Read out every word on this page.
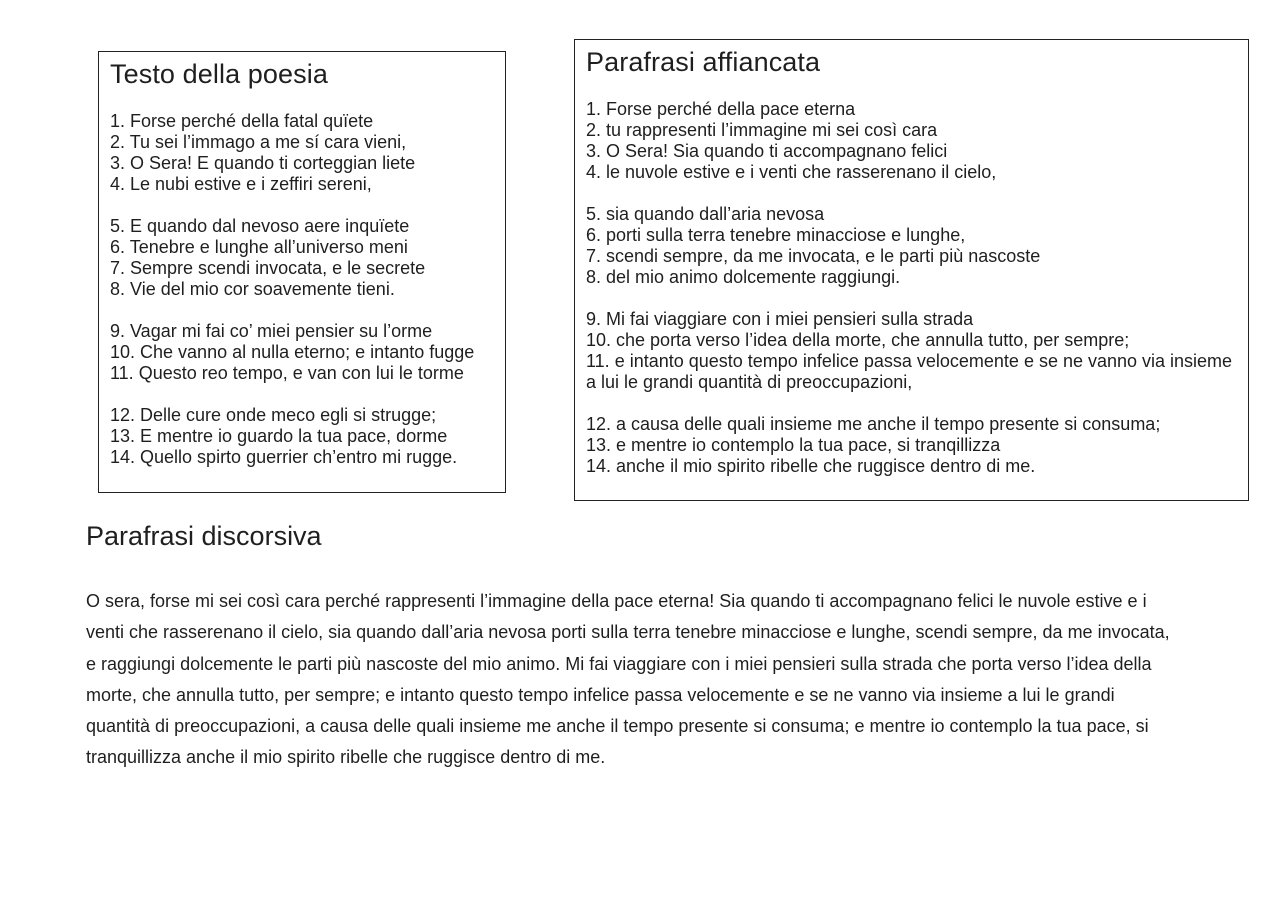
Testo della poesia
1. Forse perché della fatal quïete
2. Tu sei l’immago a me sí cara vieni,
3. O Sera! E quando ti corteggian liete
4. Le nubi estive e i zeffiri sereni,
5. E quando dal nevoso aere inquïete
6. Tenebre e lunghe all’universo meni
7. Sempre scendi invocata, e le secrete
8. Vie del mio cor soavemente tieni.
9. Vagar mi fai co’ miei pensier su l’orme
10. Che vanno al nulla eterno; e intanto fugge
11. Questo reo tempo, e van con lui le torme
12. Delle cure onde meco egli si strugge;
13. E mentre io guardo la tua pace, dorme
14. Quello spirto guerrier ch’entro mi rugge.
Parafrasi affiancata
1. Forse perché della pace eterna
2. tu rappresenti l’immagine mi sei così cara
3. O Sera! Sia quando ti accompagnano felici
4. le nuvole estive e i venti che rasserenano il cielo,
5. sia quando dall’aria nevosa
6. porti sulla terra tenebre minacciose e lunghe,
7. scendi sempre, da me invocata, e le parti più nascoste
8. del mio animo dolcemente raggiungi.
9. Mi fai viaggiare con i miei pensieri sulla strada
10. che porta verso l’idea della morte, che annulla tutto, per sempre;
11. e intanto questo tempo infelice passa velocemente e se ne vanno via insieme a lui le grandi quantità di preoccupazioni,
12. a causa delle quali insieme me anche il tempo presente si consuma;
13. e mentre io contemplo la tua pace, si tranqillizza
14. anche il mio spirito ribelle che ruggisce dentro di me.
Parafrasi discorsiva

O sera, forse mi sei così cara perché rappresenti l’immagine della pace eterna! Sia quando ti accompagnano felici le nuvole estive e i venti che rasserenano il cielo, sia quando dall’aria nevosa porti sulla terra tenebre minacciose e lunghe, scendi sempre, da me invocata, e raggiungi dolcemente le parti più nascoste del mio animo. Mi fai viaggiare con i miei pensieri sulla strada che porta verso l’idea della morte, che annulla tutto, per sempre; e intanto questo tempo infelice passa velocemente e se ne vanno via insieme a lui le grandi quantità di preoccupazioni, a causa delle quali insieme me anche il tempo presente si consuma; e mentre io contemplo la tua pace, si tranquillizza anche il mio spirito ribelle che ruggisce dentro di me.
